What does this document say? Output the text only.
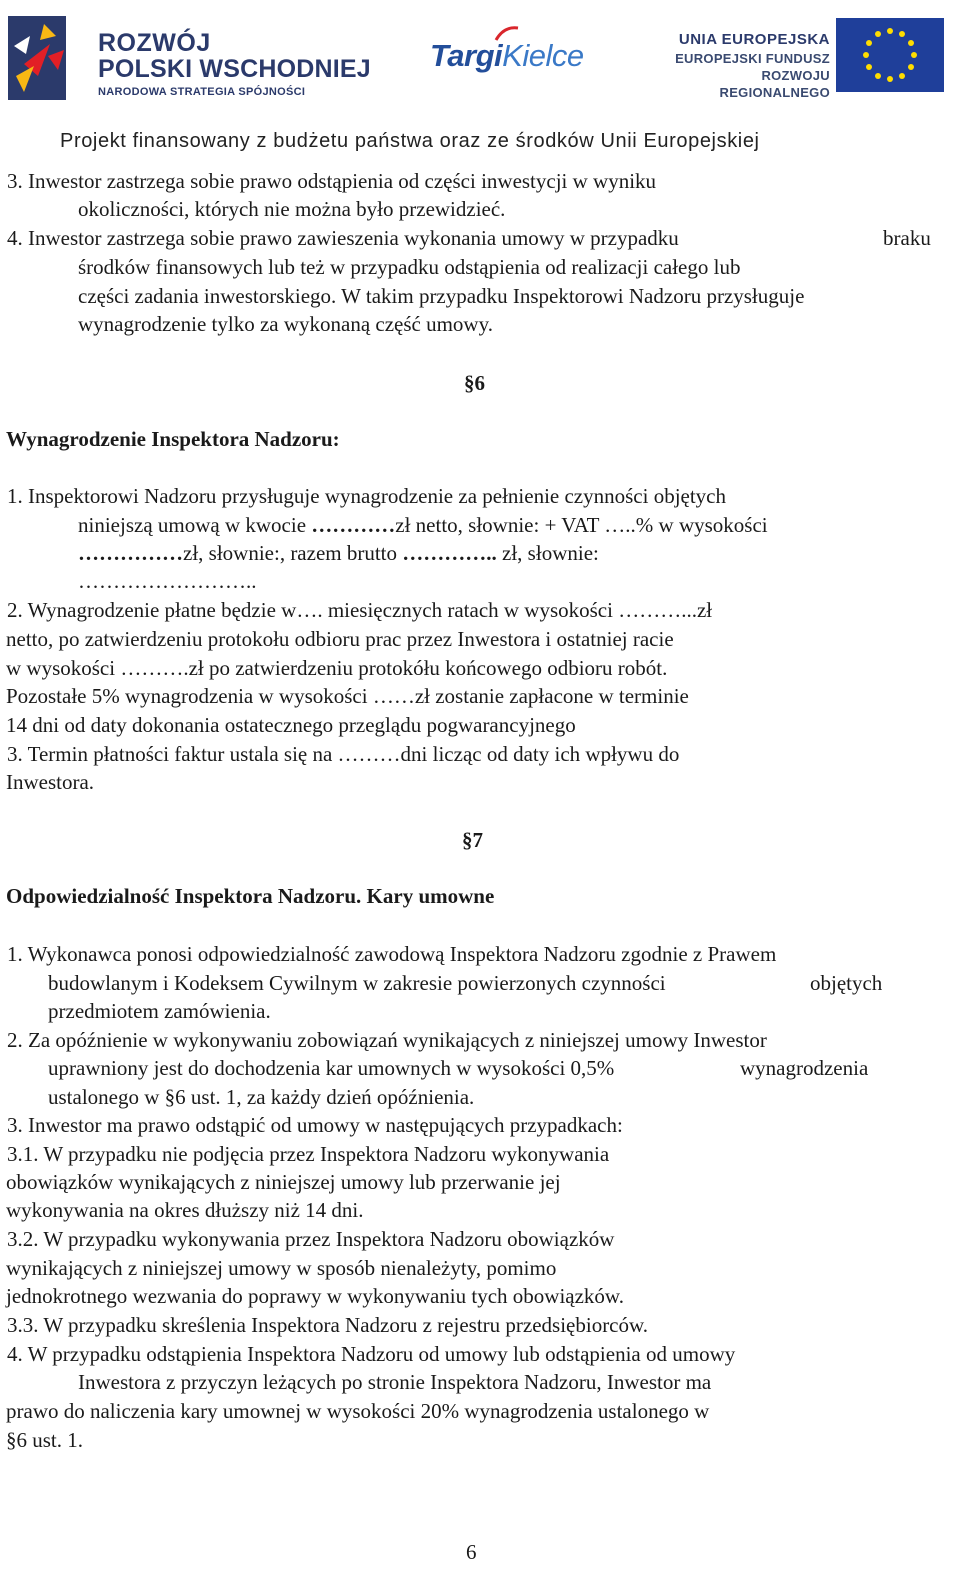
ROZWÓJ
POLSKI WSCHODNIEJ
NARODOWA STRATEGIA SPÓJNOŚCI
TargiKielce	UNIA EUROPEJSKA
EUROPEJSKI FUNDUSZ
ROZWOJU REGIONALNEGO
Projekt finansowany z budżetu państwa oraz ze środków Unii Europejskiej
3. Inwestor zastrzega sobie prawo odstąpienia od części inwestycji w wyniku
okoliczności, których nie można było przewidzieć.
4. Inwestor zastrzega sobie prawo zawieszenia wykonania umowy w przypadku	braku
środków finansowych lub też w przypadku odstąpienia od realizacji całego lub
części zadania inwestorskiego. W takim przypadku Inspektorowi Nadzoru przysługuje
wynagrodzenie tylko za wykonaną część umowy.
§6
Wynagrodzenie Inspektora Nadzoru:
1. Inspektorowi Nadzoru przysługuje wynagrodzenie za pełnienie czynności objętych
niniejszą umową w kwocie …………zł netto, słownie: + VAT …..% w wysokości
……………zł, słownie:, razem brutto ………….. zł, słownie:
……………………..
2. Wynagrodzenie płatne będzie w…. miesięcznych ratach w wysokości ………...zł
netto, po zatwierdzeniu protokołu odbioru prac przez Inwestora i ostatniej racie
w wysokości ……….zł po zatwierdzeniu protokółu końcowego odbioru robót.
Pozostałe 5% wynagrodzenia w wysokości ……zł zostanie zapłacone w terminie
14 dni od daty dokonania ostatecznego przeglądu pogwarancyjnego
3. Termin płatności faktur ustala się na ………dni licząc od daty ich wpływu do
Inwestora.
§7
Odpowiedzialność Inspektora Nadzoru. Kary umowne
1. Wykonawca ponosi odpowiedzialność zawodową Inspektora Nadzoru zgodnie z Prawem
budowlanym i Kodeksem Cywilnym w zakresie powierzonych czynności	objętych
przedmiotem zamówienia.
2. Za opóźnienie w wykonywaniu zobowiązań wynikających z niniejszej umowy Inwestor
uprawniony jest do dochodzenia kar umownych w wysokości 0,5%	wynagrodzenia
ustalonego w §6 ust. 1, za każdy dzień opóźnienia.
3. Inwestor ma prawo odstąpić od umowy w następujących przypadkach:
3.1. W przypadku nie podjęcia przez Inspektora Nadzoru wykonywania
obowiązków wynikających z niniejszej umowy lub przerwanie jej
wykonywania na okres dłuższy niż 14 dni.
3.2. W przypadku wykonywania przez Inspektora Nadzoru obowiązków
wynikających z niniejszej umowy w sposób nienależyty, pomimo
jednokrotnego wezwania do poprawy w wykonywaniu tych obowiązków.
3.3. W przypadku skreślenia Inspektora Nadzoru z rejestru przedsiębiorców.
4. W przypadku odstąpienia Inspektora Nadzoru od umowy lub odstąpienia od umowy
Inwestora z przyczyn leżących po stronie Inspektora Nadzoru, Inwestor ma
prawo do naliczenia kary umownej w wysokości 20% wynagrodzenia ustalonego w
§6 ust. 1.
6
